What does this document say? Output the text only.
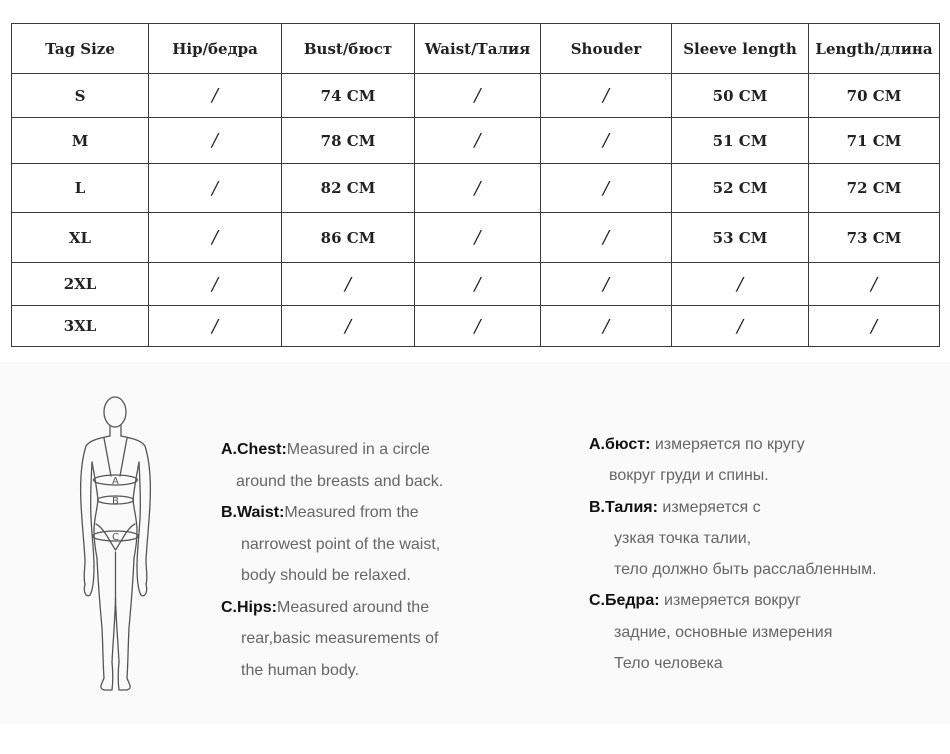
Tag Size	Hip/бедра	Bust/бюст	Waist/Талия	Shouder	Sleeve length	Length/длина
S	/	74 CM	/	/	50 CM	70 CM
M	/	78 CM	/	/	51 CM	71 CM
L	/	82 CM	/	/	52 CM	72 CM
XL	/	86 CM	/	/	53 CM	73 CM
2XL	/	/	/	/	/	/
3XL	/	/	/	/	/	/
A
B
C
A.Chest:Measured in a circle
around the breasts and back.
B.Waist:Measured from the
narrowest point of the waist,
body should be relaxed.
C.Hips:Measured around the
rear,basic measurements of
the human body.
A.бюст: измеряется по кругу
вокруг груди и спины.
B.Талия: измеряется с
узкая точка талии,
тело должно быть расслабленным.
C.Бедра: измеряется вокруг
задние, основные измерения
Тело человека
